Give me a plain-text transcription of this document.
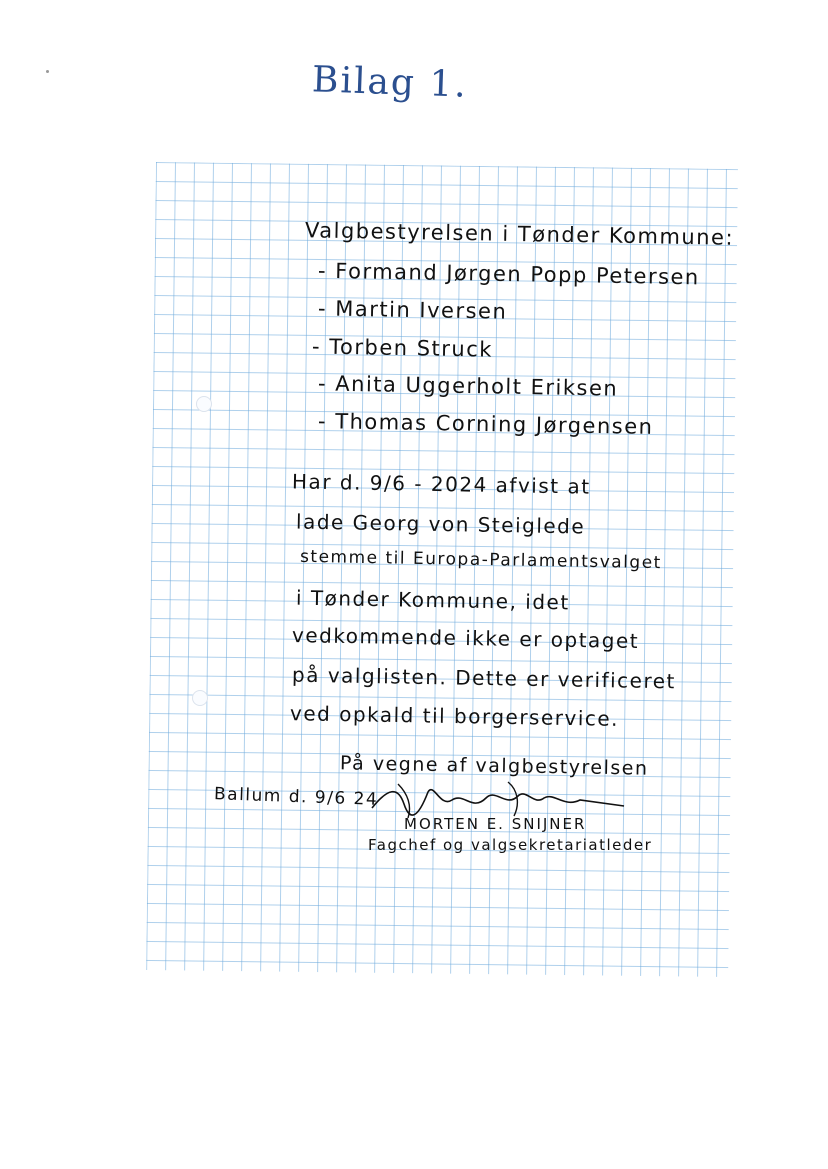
Bilag 1.
Valgbestyrelsen i Tønder Kommune:
- Formand Jørgen Popp Petersen
- Martin Iversen
- Torben Struck
- Anita Uggerholt Eriksen
- Thomas Corning Jørgensen
Har d. 9/6 - 2024 afvist at
lade Georg von Steiglede
stemme til Europa-Parlamentsvalget
i Tønder Kommune, idet
vedkommende ikke er optaget
på valglisten. Dette er verificeret
ved opkald til borgerservice.
På vegne af valgbestyrelsen
Ballum d. 9/6 24
MORTEN E. SNIJNER
Fagchef og valgsekretariatleder
